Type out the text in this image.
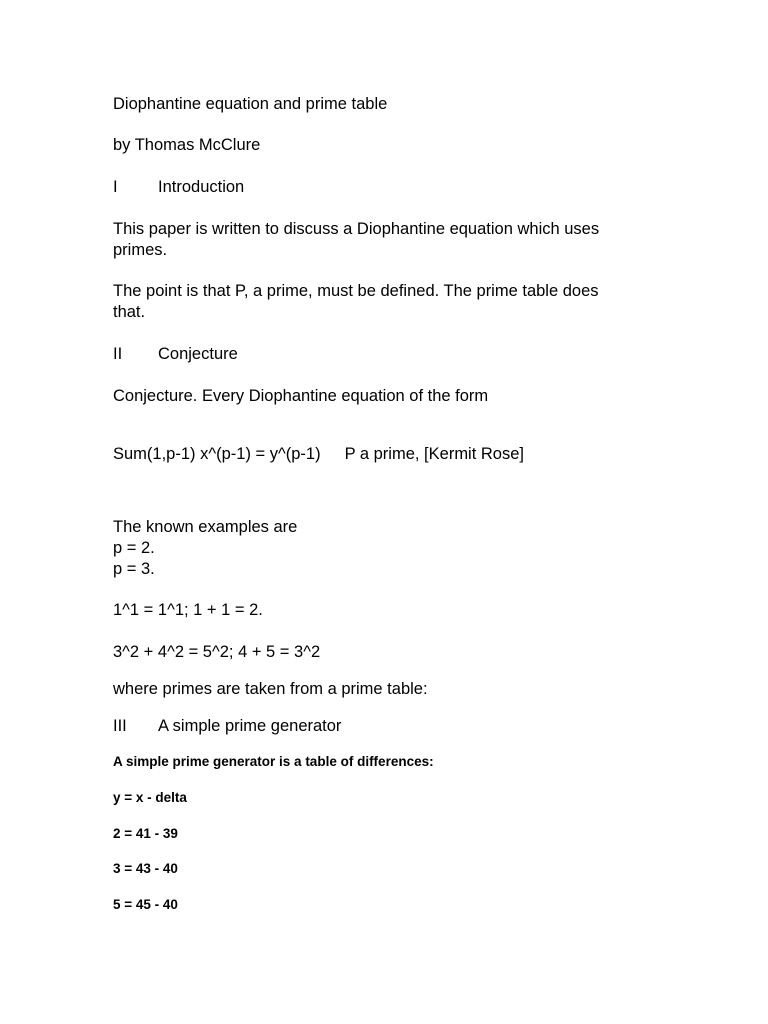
Diophantine equation and prime table
by Thomas McClure
I Introduction
This paper is written to discuss a Diophantine equation which uses
primes.
The point is that P, a prime, must be defined. The prime table does
that.
II Conjecture
Conjecture. Every Diophantine equation of the form
Sum(1,p-1) x^(p-1) = y^(p-1) P a prime, [Kermit Rose]
The known examples are
p = 2.
p = 3.
1^1 = 1^1; 1 + 1 = 2.
3^2 + 4^2 = 5^2; 4 + 5 = 3^2
where primes are taken from a prime table:
III A simple prime generator
A simple prime generator is a table of differences:
y = x - delta
2 = 41 - 39
3 = 43 - 40
5 = 45 - 40
